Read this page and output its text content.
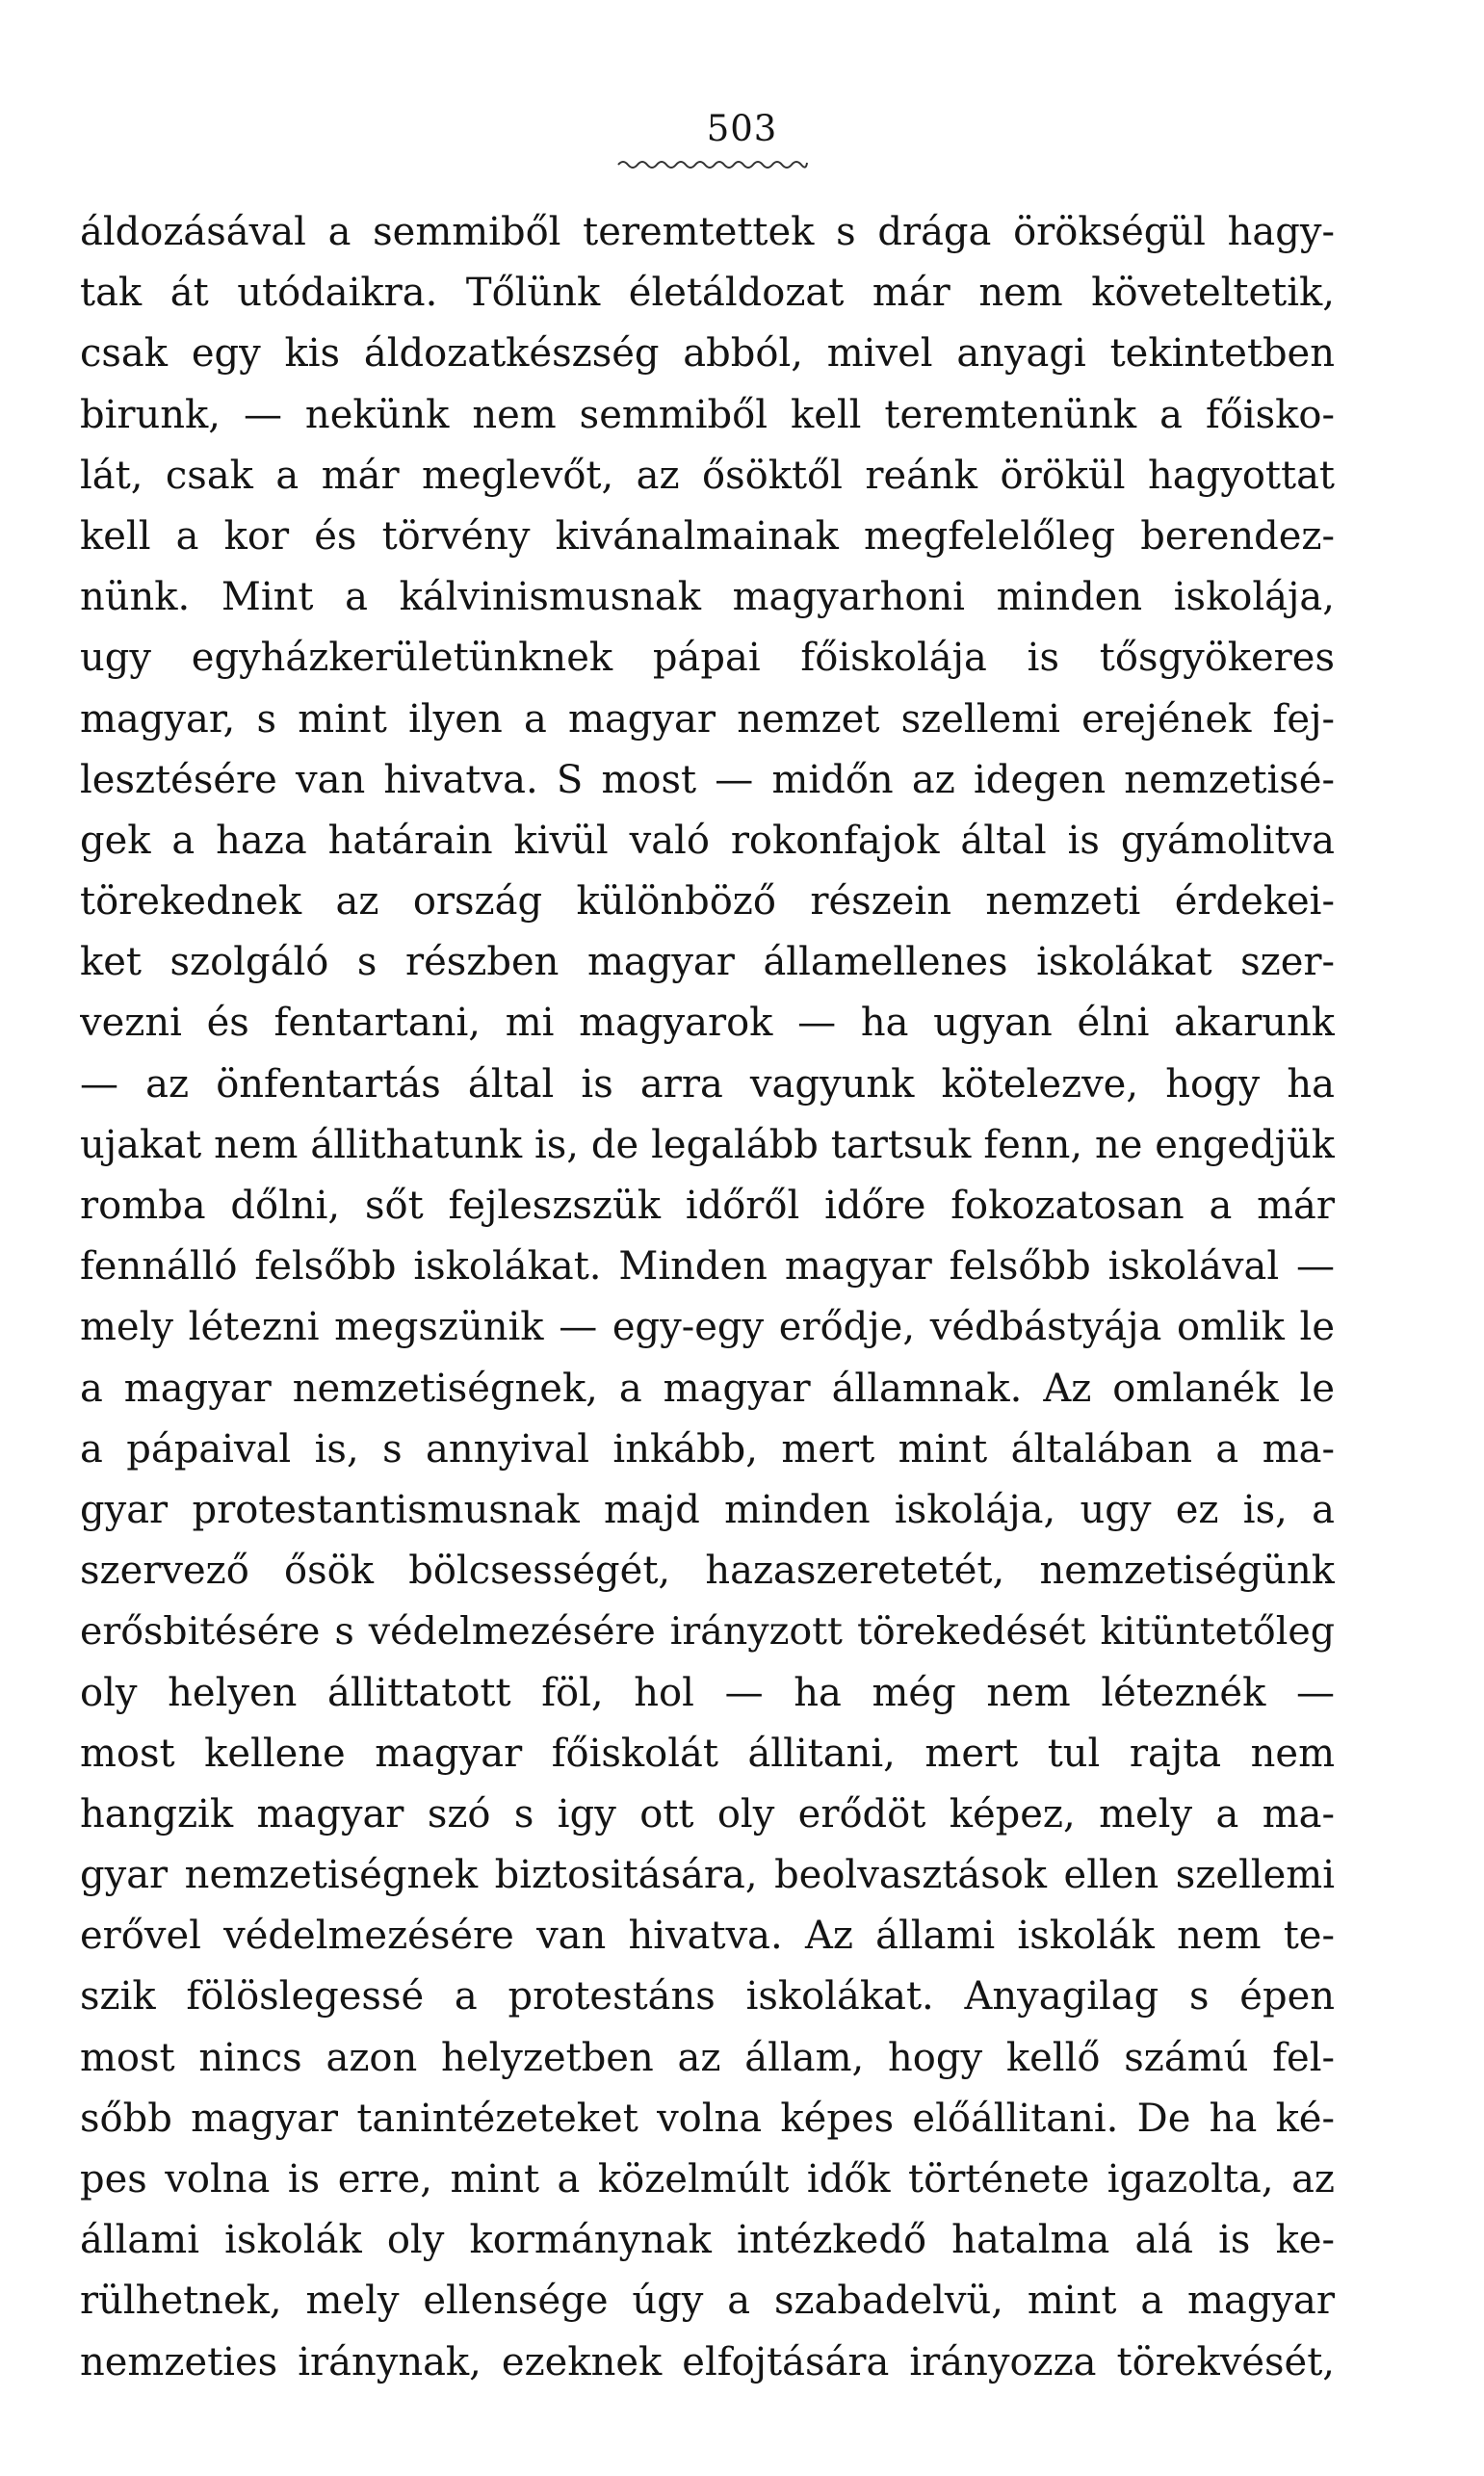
503
áldozásával a semmiből teremtettek s drága örökségül hagy-
tak át utódaikra. Tőlünk életáldozat már nem követeltetik,
csak egy kis áldozatkészség abból, mivel anyagi tekintetben
birunk, — nekünk nem semmiből kell teremtenünk a főisko-
lát, csak a már meglevőt, az ősöktől reánk örökül hagyottat
kell a kor és törvény kivánalmainak megfelelőleg berendez-
nünk. Mint a kálvinismusnak magyarhoni minden iskolája,
ugy egyházkerületünknek pápai főiskolája is tősgyökeres
magyar, s mint ilyen a magyar nemzet szellemi erejének fej-
lesztésére van hivatva. S most — midőn az idegen nemzetisé-
gek a haza határain kivül való rokonfajok által is gyámolitva
törekednek az ország különböző részein nemzeti érdekei-
ket szolgáló s részben magyar államellenes iskolákat szer-
vezni és fentartani, mi magyarok — ha ugyan élni akarunk
— az önfentartás által is arra vagyunk kötelezve, hogy ha
ujakat nem állithatunk is, de legalább tartsuk fenn, ne engedjük
romba dőlni, sőt fejleszszük időről időre fokozatosan a már
fennálló felsőbb iskolákat. Minden magyar felsőbb iskolával —
mely létezni megszünik — egy-egy erődje, védbástyája omlik le
a magyar nemzetiségnek, a magyar államnak. Az omlanék le
a pápaival is, s annyival inkább, mert mint általában a ma-
gyar protestantismusnak majd minden iskolája, ugy ez is, a
szervező ősök bölcsességét, hazaszeretetét, nemzetiségünk
erősbitésére s védelmezésére irányzott törekedését kitüntetőleg
oly helyen állittatott föl, hol — ha még nem léteznék —
most kellene magyar főiskolát állitani, mert tul rajta nem
hangzik magyar szó s igy ott oly erődöt képez, mely a ma-
gyar nemzetiségnek biztositására, beolvasztások ellen szellemi
erővel védelmezésére van hivatva. Az állami iskolák nem te-
szik fölöslegessé a protestáns iskolákat. Anyagilag s épen
most nincs azon helyzetben az állam, hogy kellő számú fel-
sőbb magyar tanintézeteket volna képes előállitani. De ha ké-
pes volna is erre, mint a közelmúlt idők története igazolta, az
állami iskolák oly kormánynak intézkedő hatalma alá is ke-
rülhetnek, mely ellensége úgy a szabadelvü, mint a magyar
nemzeties iránynak, ezeknek elfojtására irányozza törekvését,
